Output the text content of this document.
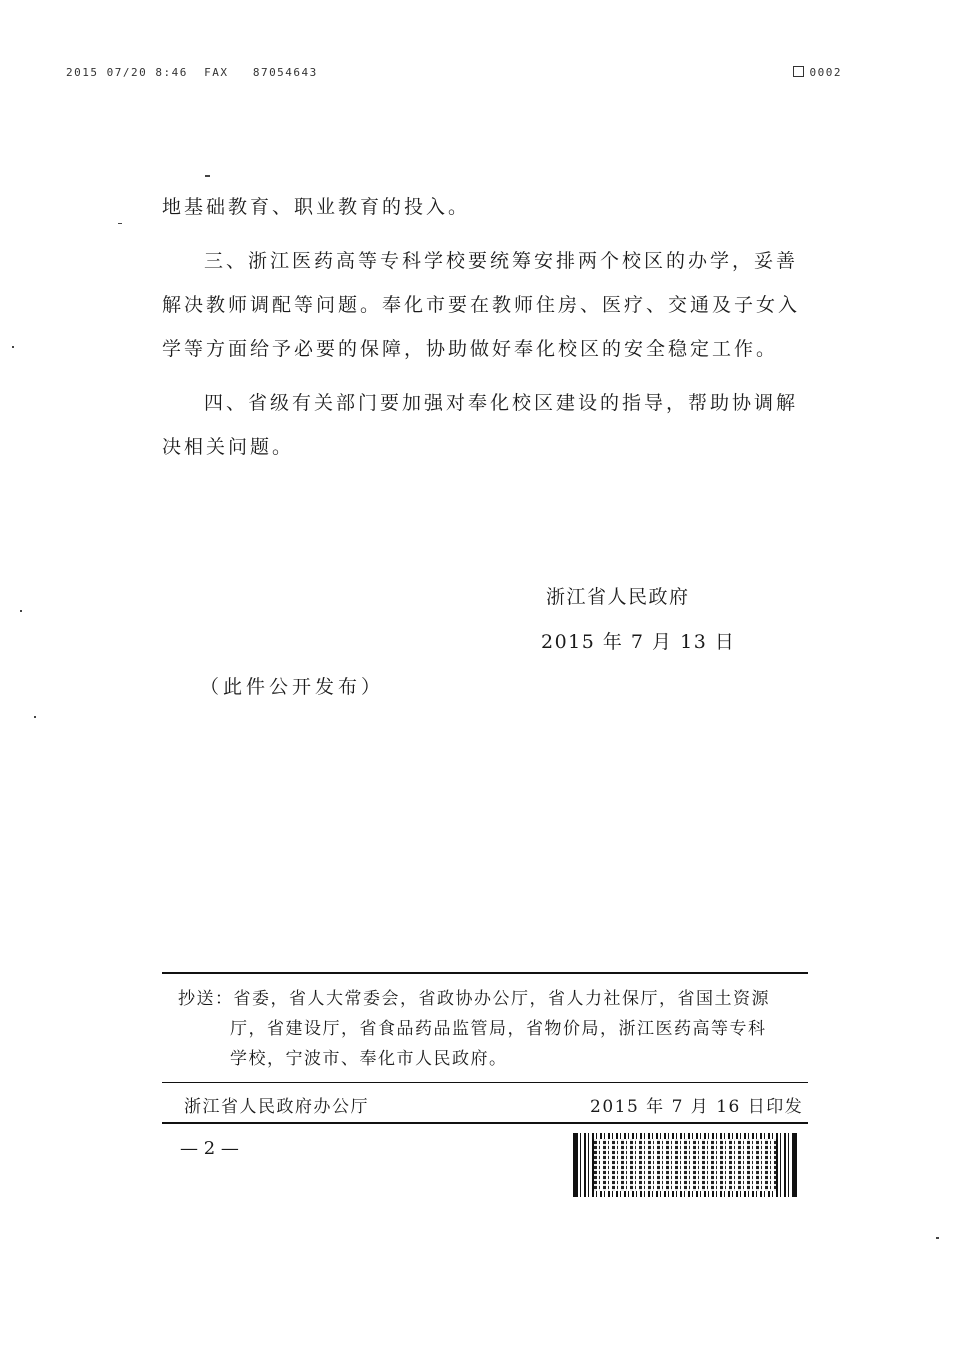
2015 07/20 8:46  FAX   87054643	0002

地基础教育、职业教育的投入。

三、浙江医药高等专科学校要统筹安排两个校区的办学，妥善解决教师调配等问题。奉化市要在教师住房、医疗、交通及子女入学等方面给予必要的保障，协助做好奉化校区的安全稳定工作。

四、省级有关部门要加强对奉化校区建设的指导，帮助协调解决相关问题。

浙江省人民政府
2015 年 7 月 13 日
（此件公开发布）
抄送：省委，省人大常委会，省政协办公厅，省人力社保厅，省国土资源
厅，省建设厅，省食品药品监管局，省物价局，浙江医药高等专科
学校，宁波市、奉化市人民政府。
浙江省人民政府办公厅	2015 年 7 月 16 日印发
— 2 —
